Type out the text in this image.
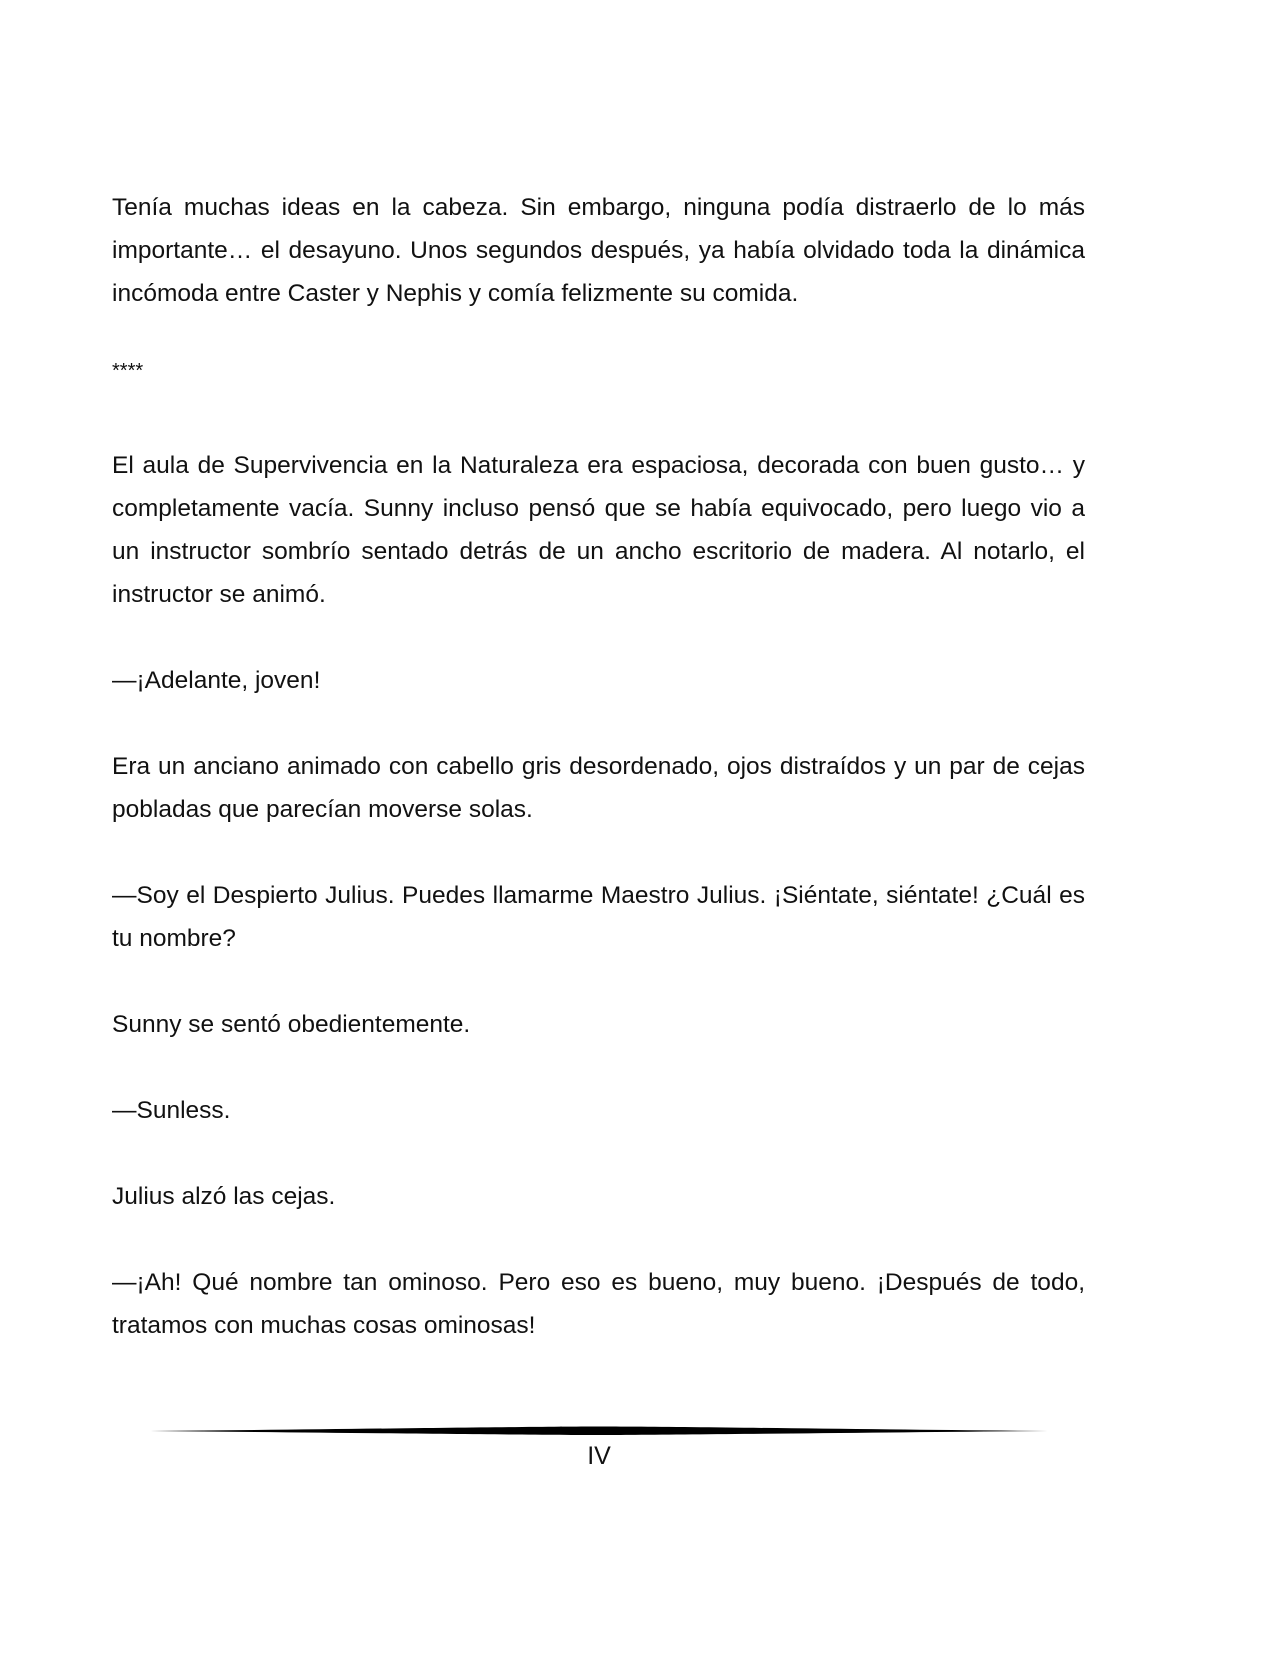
Tenía muchas ideas en la cabeza. Sin embargo, ninguna podía distraerlo de lo más importante… el desayuno. Unos segundos después, ya había olvidado toda la dinámica incómoda entre Caster y Nephis y comía felizmente su comida.

****

El aula de Supervivencia en la Naturaleza era espaciosa, decorada con buen gusto… y completamente vacía. Sunny incluso pensó que se había equivocado, pero luego vio a un instructor sombrío sentado detrás de un ancho escritorio de madera. Al notarlo, el instructor se animó.

—¡Adelante, joven!

Era un anciano animado con cabello gris desordenado, ojos distraídos y un par de cejas pobladas que parecían moverse solas.

—Soy el Despierto Julius. Puedes llamarme Maestro Julius. ¡Siéntate, siéntate! ¿Cuál es tu nombre?

Sunny se sentó obedientemente.

—Sunless.

Julius alzó las cejas.

—¡Ah! Qué nombre tan ominoso. Pero eso es bueno, muy bueno. ¡Después de todo, tratamos con muchas cosas ominosas!

IV
